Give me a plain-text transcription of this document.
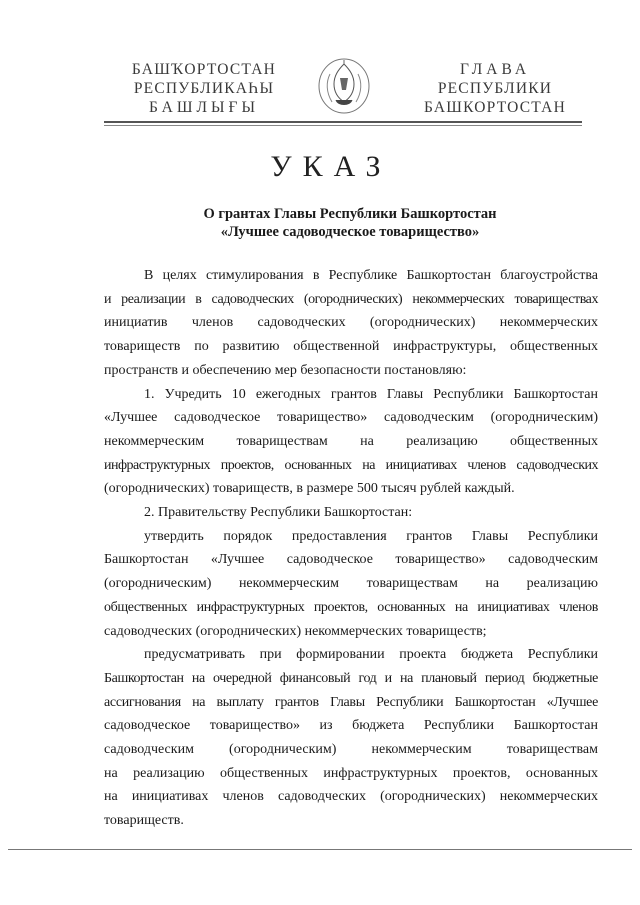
БАШҠОРТОСТАН
РЕСПУБЛИКАҺЫ
БАШЛЫҒЫ
ГЛАВА
РЕСПУБЛИКИ
БАШКОРТОСТАН
УКАЗ
О грантах Главы Республики Башкортостан
«Лучшее садоводческое товарищество»
В целях стимулирования в Республике Башкортостан благоустройства
и реализации в садоводческих (огороднических) некоммерческих товариществах
инициатив членов садоводческих (огороднических) некоммерческих
товариществ по развитию общественной инфраструктуры, общественных
пространств и обеспечению мер безопасности постановляю:
1. Учредить 10 ежегодных грантов Главы Республики Башкортостан
«Лучшее садоводческое товарищество» садоводческим (огородническим)
некоммерческим товариществам на реализацию общественных
инфраструктурных проектов, основанных на инициативах членов садоводческих
(огороднических) товариществ, в размере 500 тысяч рублей каждый.
2. Правительству Республики Башкортостан:
утвердить порядок предоставления грантов Главы Республики
Башкортостан «Лучшее садоводческое товарищество» садоводческим
(огородническим) некоммерческим товариществам на реализацию
общественных инфраструктурных проектов, основанных на инициативах членов
садоводческих (огороднических) некоммерческих товариществ;
предусматривать при формировании проекта бюджета Республики
Башкортостан на очередной финансовый год и на плановый период бюджетные
ассигнования на выплату грантов Главы Республики Башкортостан «Лучшее
садоводческое товарищество» из бюджета Республики Башкортостан
садоводческим (огородническим) некоммерческим товариществам
на реализацию общественных инфраструктурных проектов, основанных
на инициативах членов садоводческих (огороднических) некоммерческих
товариществ.
